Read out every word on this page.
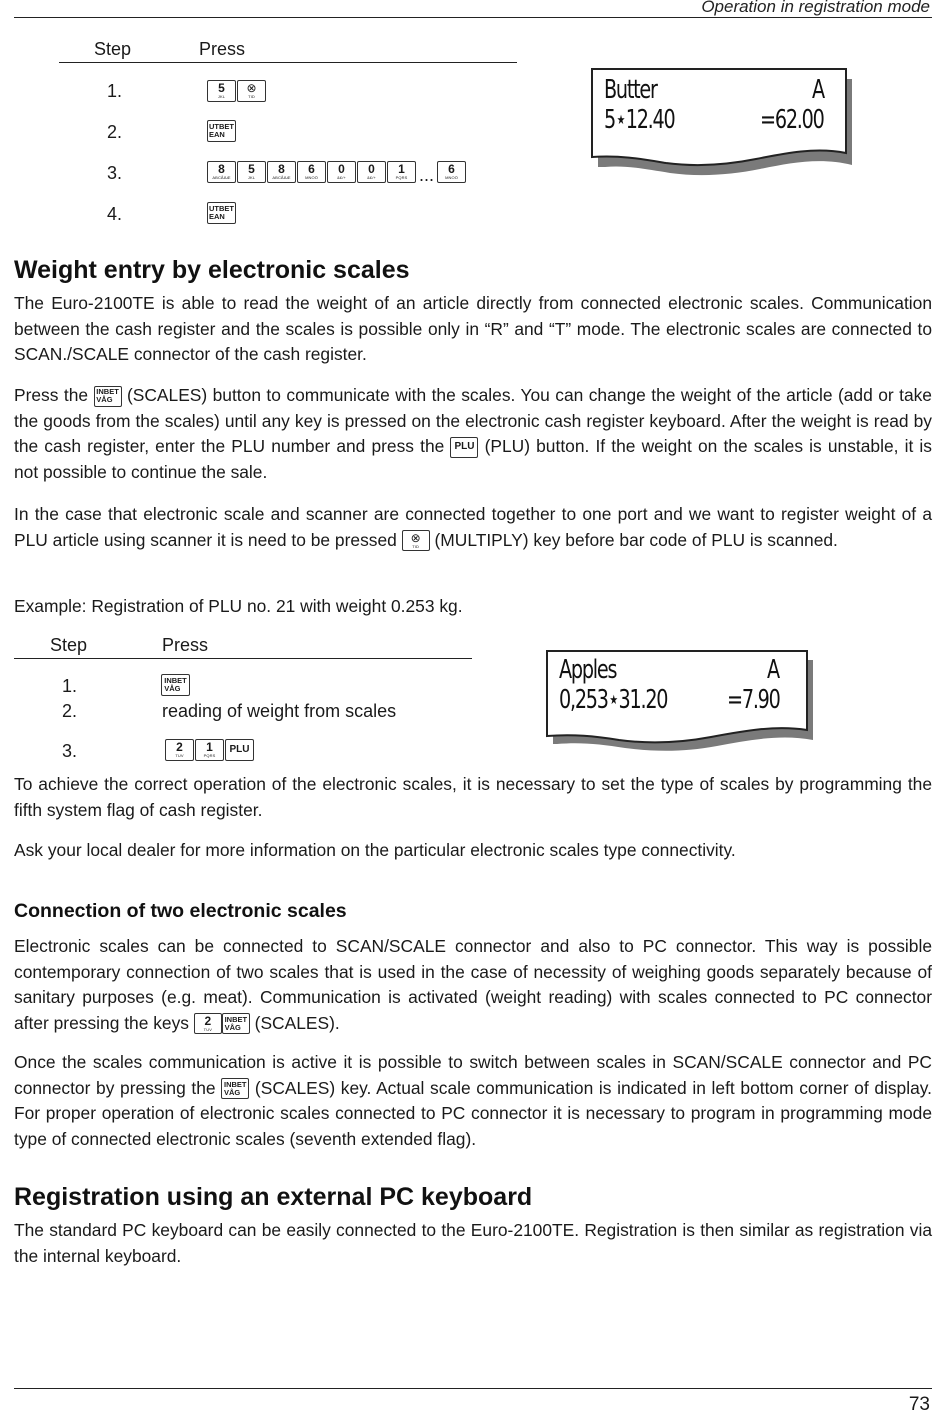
Operation in registration mode
Step	Press
1.	5
JKL
⊗
TID
2.	UTBET
EAN
3.	8
ABCÅÄÆ
5
JKL
8
ABCÅÄÆ
6
MNOÖ
0
&£/+
0
&£/+
1
PQRS ... 6
MNOÖ
4.	UTBET
EAN
Butter	A
5⋆12.40	=62.00
Weight entry by electronic scales
The Euro-2100TE is able to read the weight of an article directly from connected electronic scales. Communication between the cash register and the scales is possible only in “R” and “T” mode. The electronic scales are connected to SCAN./SCALE connector of the cash register.
Press the INBET
VÅG (SCALES) button to communicate with the scales. You can change the weight of the article (add or take the goods from the scales) until any key is pressed on the electronic cash register keyboard. After the weight is read by the cash register, enter the PLU number and press the PLU (PLU) button. If the weight on the scales is unstable, it is not possible to continue the sale.
In the case that electronic scale and scanner are connected together to one port and we want to register weight of a PLU article using scanner it is need to be pressed ⊗
TID (MULTIPLY) key before bar code of PLU is scanned.
Example: Registration of PLU no. 21 with weight 0.253 kg.
Step	Press
1.	INBET
VÅG
2.	reading of weight from scales
3.	2
TUV
1
PQRS
PLU
Apples	A
0,253⋆31.20 =7.90
To achieve the correct operation of the electronic scales, it is necessary to set the type of scales by programming the fifth system flag of cash register.
Ask your local dealer for more information on the particular electronic scales type connectivity.
Connection of two electronic scales
Electronic scales can be connected to SCAN/SCALE connector and also to PC connector. This way is possible contemporary connection of two scales that is used in the case of necessity of weighing goods separately because of sanitary purposes (e.g. meat). Communication is activated (weight reading) with scales connected to PC connector after pressing the keys 2
TUV
INBET
VÅG (SCALES).
Once the scales communication is active it is possible to switch between scales in SCAN/SCALE connector and PC connector by pressing the INBET
VÅG (SCALES) key. Actual scale communication is indicated in left bottom corner of display. For proper operation of electronic scales connected to PC connector it is necessary to program in programming mode type of connected electronic scales (seventh extended flag).
Registration using an external PC keyboard
The standard PC keyboard can be easily connected to the Euro-2100TE. Registration is then similar as registration via the internal keyboard.
73
